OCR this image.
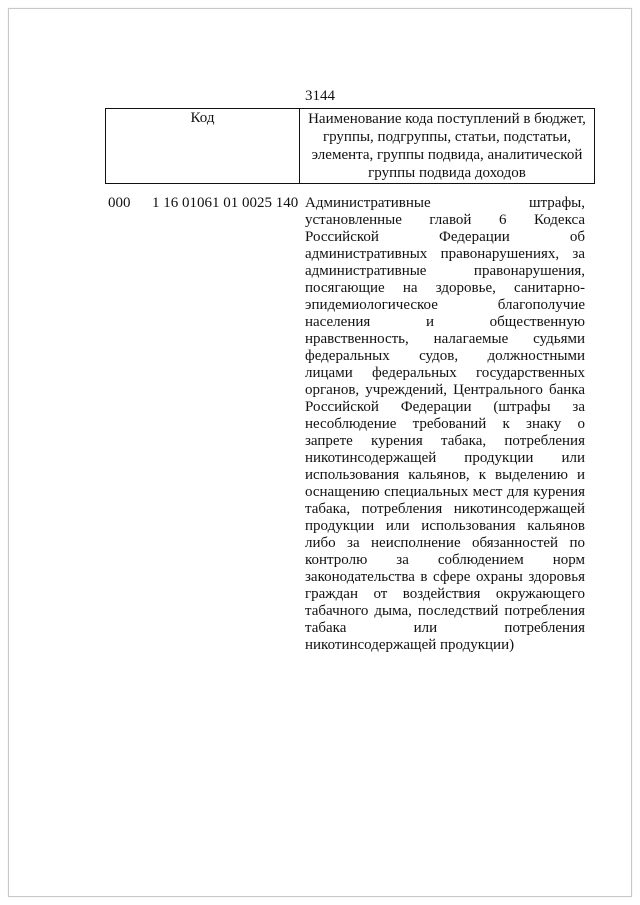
3144
Код	Наименование кода поступлений в бюджет, группы, подгруппы, статьи, подстатьи, элемента, группы подвида, аналитической группы подвида доходов
000 1 16 01061 01 0025 140 Административные штрафы, установленные главой 6 Кодекса Российской Федерации об административных правонарушениях, за административные правонарушения, посягающие на здоровье, санитарно-эпидемиологическое благополучие населения и общественную нравственность, налагаемые судьями федеральных судов, должностными лицами федеральных государственных органов, учреждений, Центрального банка Российской Федерации (штрафы за несоблюдение требований к знаку о запрете курения табака, потребления никотинсодержащей продукции или использования кальянов, к выделению и оснащению специальных мест для курения табака, потребления никотинсодержащей продукции или использования кальянов либо за неисполнение обязанностей по контролю за соблюдением норм законодательства в сфере охраны здоровья граждан от воздействия окружающего табачного дыма, последствий потребления табака или потребления никотинсодержащей продукции)
